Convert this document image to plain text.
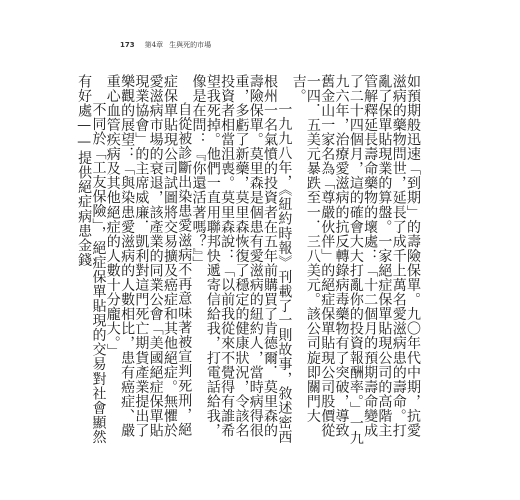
173 第4章 生與死的市場

如預期般迅速「到期」的壽險保單。九〇年代中期，抗愛滋病的藥物問世，延長了成千上萬名愛滋病患的壽命。打亂了保單貼現業的算盤。一家絕症保單貼現公司的高階主管解釋延長壽命藥物的壞處：「十二個月的預期壽命變成了二十四個月，這的確會大大打亂你的投資報酬率。」一九九六年，治療愛滋病的抗反轉錄病毒藥物有了突破，導致舊金山一家名為「尊嚴伙伴」的絕症保單貼現公司股價從一四．五美元暴跌至一．三八美元。該公司旋即關門大吉。

一九九八年，《紐約時報》刊載了一則故事，敘述密西根州一名氣憤的投資者在五年前購買了肯德爾．莫里森的壽險保單。莫里森是個患有愛滋病的紐約人，當時病得很重，多虧了新藥，莫里森恢復了穩定的健康狀況，令該名投資者相當沮喪。莫里森說：「以前我從來不覺得有誰希望我死掉。他們一直用聯邦快遞寄信給我，打電話給我，像是在問：『你還活著嗎？』」

自從被診斷出染患愛滋病不再意味著被宣判死刑，絕症保單貼現公司試圖將交易擴及癌症和其他絕症。無懼於愛滋病市場的衰退，該產業的同業公會「美國絕症保單貼現業協會」的主席威廉．凱利對這門死亡期貨產業提出了樂觀的展望：「與染患愛滋病的人數相比，患有癌症、嚴重心血管疾病及其他絕症的人數十分龐大。」

不同於「工友保險」，絕症保單貼現的交易對社會顯然有好處——提供絕症病患金錢
